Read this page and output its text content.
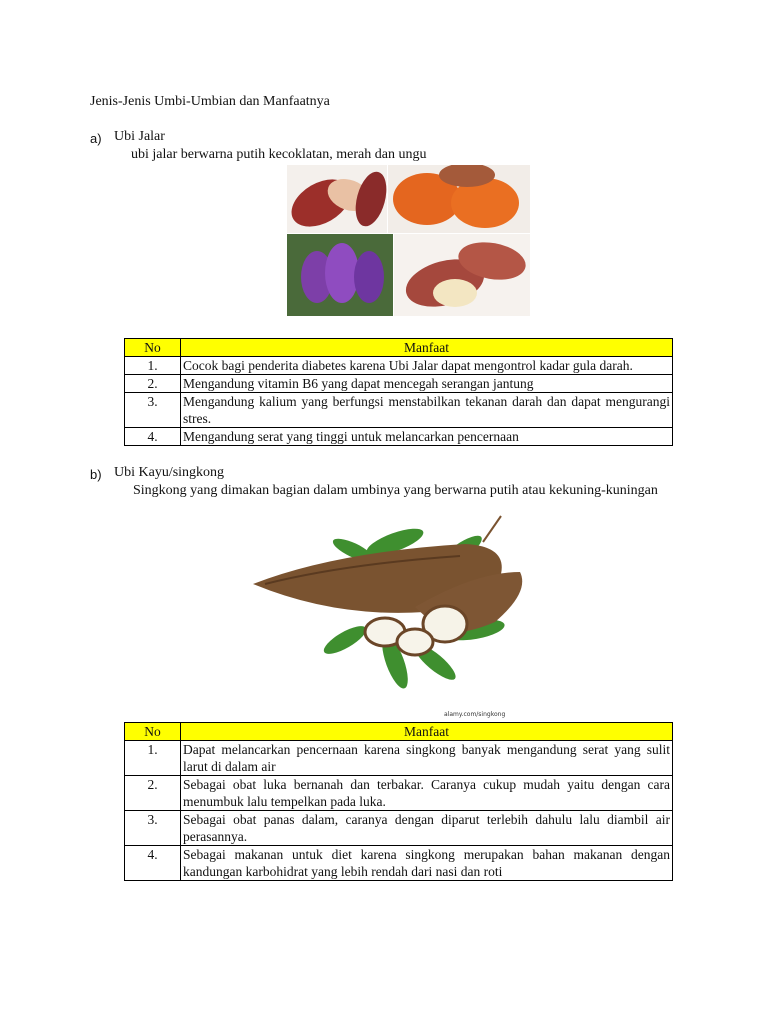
Jenis-Jenis Umbi-Umbian dan Manfaatnya
a) Ubi Jalar
ubi jalar berwarna putih kecoklatan, merah dan ungu
No	Manfaat
1.	Cocok bagi penderita diabetes karena Ubi Jalar dapat mengontrol kadar gula darah.
2.	Mengandung vitamin B6 yang dapat mencegah serangan jantung
3.	Mengandung kalium yang berfungsi menstabilkan tekanan darah dan dapat mengurangi stres.
4.	Mengandung serat yang tinggi untuk melancarkan pencernaan
b) Ubi Kayu/singkong
Singkong yang dimakan bagian dalam umbinya yang berwarna putih atau kekuning-kuningan
alamy.com/singkong
No	Manfaat
1.	Dapat melancarkan pencernaan karena singkong banyak mengandung serat yang sulit larut di dalam air
2.	Sebagai obat luka bernanah dan terbakar. Caranya cukup mudah yaitu dengan cara menumbuk lalu tempelkan pada luka.
3.	Sebagai obat panas dalam, caranya dengan diparut terlebih dahulu lalu diambil air perasannya.
4.	Sebagai makanan untuk diet karena singkong merupakan bahan makanan dengan kandungan karbohidrat yang lebih rendah dari nasi dan roti
